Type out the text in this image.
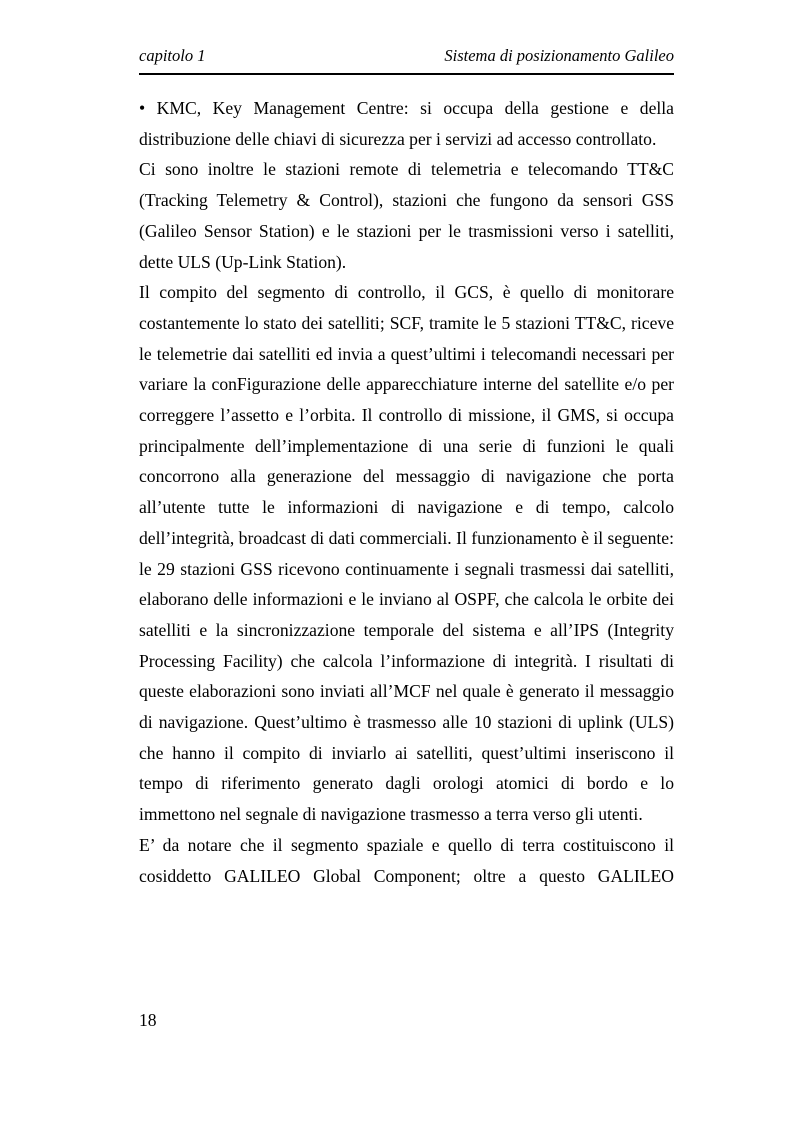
capitolo 1	Sistema di posizionamento Galileo

• KMC, Key Management Centre: si occupa della gestione e della distribuzione delle chiavi di sicurezza per i servizi ad accesso controllato.

Ci sono inoltre le stazioni remote di telemetria e telecomando TT&C (Tracking Telemetry & Control), stazioni che fungono da sensori GSS (Galileo Sensor Station) e le stazioni per le trasmissioni verso i satelliti, dette ULS (Up-Link Station).

Il compito del segmento di controllo, il GCS, è quello di monitorare costantemente lo stato dei satelliti; SCF, tramite le 5 stazioni TT&C, riceve le telemetrie dai satelliti ed invia a quest’ultimi i telecomandi necessari per variare la conFigurazione delle apparecchiature interne del satellite e/o per correggere l’assetto e l’orbita. Il controllo di missione, il GMS, si occupa principalmente dell’implementazione di una serie di funzioni le quali concorrono alla generazione del messaggio di navigazione che porta all’utente tutte le informazioni di navigazione e di tempo, calcolo dell’integrità, broadcast di dati commerciali. Il funzionamento è il seguente: le 29 stazioni GSS ricevono continuamente i segnali trasmessi dai satelliti, elaborano delle informazioni e le inviano al OSPF, che calcola le orbite dei satelliti e la sincronizzazione temporale del sistema e all’IPS (Integrity Processing Facility) che calcola l’informazione di integrità. I risultati di queste elaborazioni sono inviati all’MCF nel quale è generato il messaggio di navigazione. Quest’ultimo è trasmesso alle 10 stazioni di uplink (ULS) che hanno il compito di inviarlo ai satelliti, quest’ultimi inseriscono il tempo di riferimento generato dagli orologi atomici di bordo e lo immettono nel segnale di navigazione trasmesso a terra verso gli utenti.

E’ da notare che il segmento spaziale e quello di terra costituiscono il cosiddetto GALILEO Global Component; oltre a questo GALILEO

18
